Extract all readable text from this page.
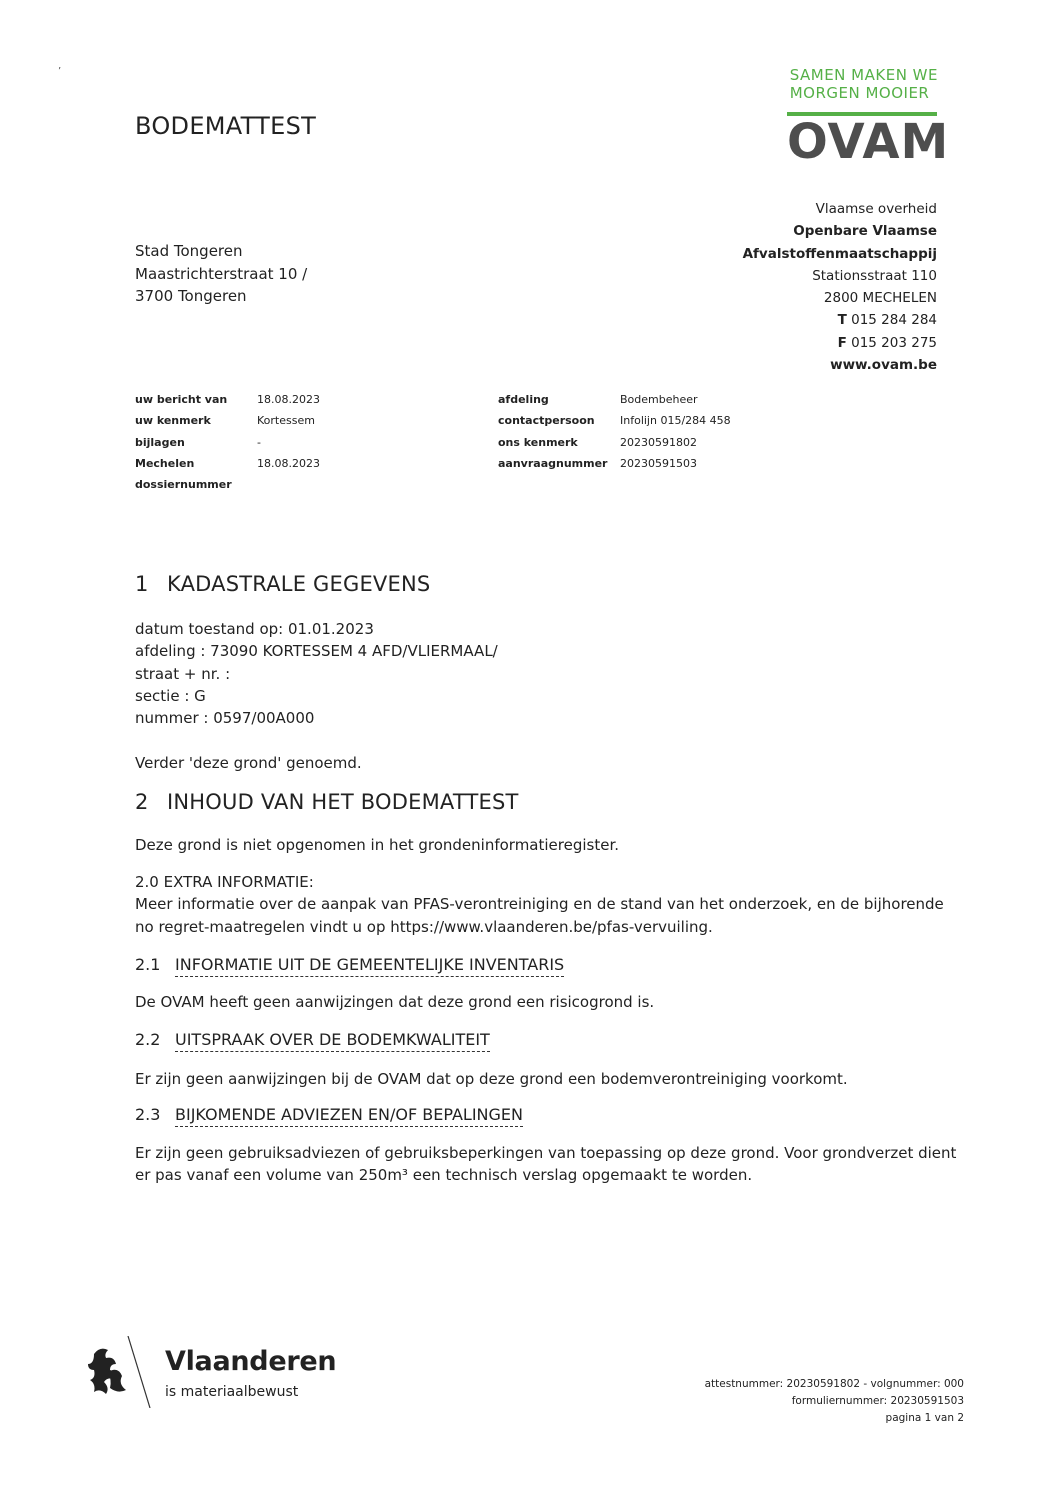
’
BODEMATTEST
SAMEN MAKEN WE
MORGEN MOOIER
OVAM
Vlaamse overheid
Openbare Vlaamse
Afvalstoffenmaatschappij
Stationsstraat 110
2800 MECHELEN
T 015 284 284
F 015 203 275
www.ovam.be
Stad Tongeren
Maastrichterstraat 10 /
3700 Tongeren
uw bericht van
uw kenmerk
bijlagen
Mechelen
dossiernummer
18.08.2023
Kortessem
-
18.08.2023
afdeling
contactpersoon
ons kenmerk
aanvraagnummer
Bodembeheer
Infolijn 015/284 458
20230591802
20230591503
1 KADASTRALE GEGEVENS
datum toestand op: 01.01.2023
afdeling : 73090 KORTESSEM 4 AFD/VLIERMAAL/
straat + nr. :
sectie : G
nummer : 0597/00A000
Verder 'deze grond' genoemd.
2 INHOUD VAN HET BODEMATTEST
Deze grond is niet opgenomen in het grondeninformatieregister.
2.0 EXTRA INFORMATIE:
Meer informatie over de aanpak van PFAS-verontreiniging en de stand van het onderzoek, en de bijhorende
no regret-maatregelen vindt u op https://www.vlaanderen.be/pfas-vervuiling.
2.1 INFORMATIE UIT DE GEMEENTELIJKE INVENTARIS
De OVAM heeft geen aanwijzingen dat deze grond een risicogrond is.
2.2 UITSPRAAK OVER DE BODEMKWALITEIT
Er zijn geen aanwijzingen bij de OVAM dat op deze grond een bodemverontreiniging voorkomt.
2.3 BIJKOMENDE ADVIEZEN EN/OF BEPALINGEN
Er zijn geen gebruiksadviezen of gebruiksbeperkingen van toepassing op deze grond. Voor grondverzet dient
er pas vanaf een volume van 250m³ een technisch verslag opgemaakt te worden.
Vlaanderen
is materiaalbewust	attestnummer: 20230591802 - volgnummer: 000
formuliernummer: 20230591503
pagina 1 van 2
